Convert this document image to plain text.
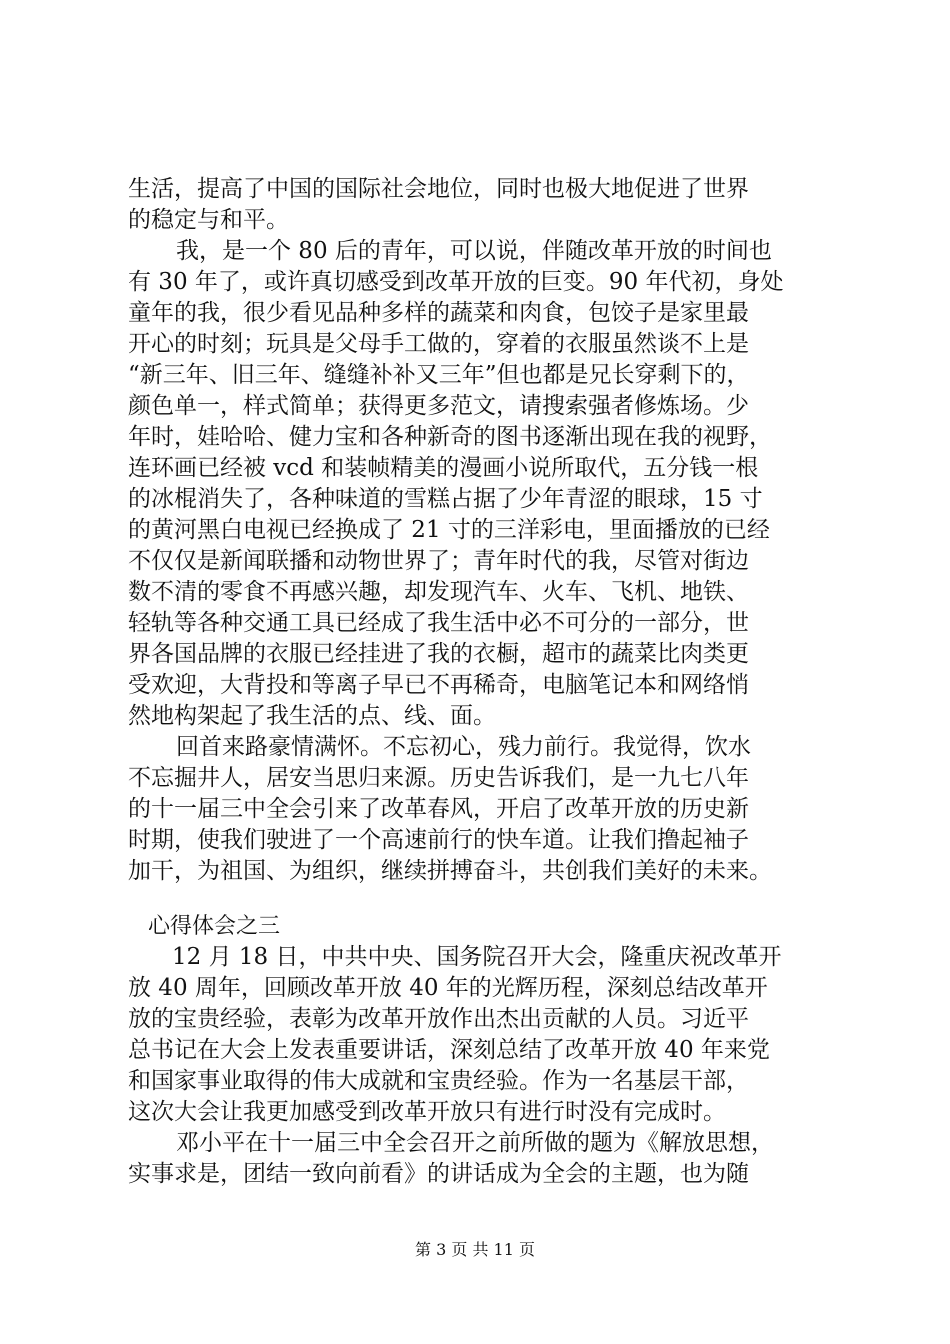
生活，提高了中国的国际社会地位，同时也极大地促进了世界
的稳定与和平。
我，是一个 80 后的青年，可以说，伴随改革开放的时间也
有 30 年了，或许真切感受到改革开放的巨变。90 年代初，身处
童年的我，很少看见品种多样的蔬菜和肉食，包饺子是家里最
开心的时刻；玩具是父母手工做的，穿着的衣服虽然谈不上是
“新三年、旧三年、缝缝补补又三年”但也都是兄长穿剩下的，
颜色单一，样式简单；获得更多范文，请搜索强者修炼场。少
年时，娃哈哈、健力宝和各种新奇的图书逐渐出现在我的视野，
连环画已经被 vcd 和装帧精美的漫画小说所取代，五分钱一根
的冰棍消失了，各种味道的雪糕占据了少年青涩的眼球，15 寸
的黄河黑白电视已经换成了 21 寸的三洋彩电，里面播放的已经
不仅仅是新闻联播和动物世界了；青年时代的我，尽管对街边
数不清的零食不再感兴趣，却发现汽车、火车、飞机、地铁、
轻轨等各种交通工具已经成了我生活中必不可分的一部分，世
界各国品牌的衣服已经挂进了我的衣橱，超市的蔬菜比肉类更
受欢迎，大背投和等离子早已不再稀奇，电脑笔记本和网络悄
然地构架起了我生活的点、线、面。
回首来路豪情满怀。不忘初心，残力前行。我觉得，饮水
不忘掘井人，居安当思归来源。历史告诉我们，是一九七八年
的十一届三中全会引来了改革春风，开启了改革开放的历史新
时期，使我们驶进了一个高速前行的快车道。让我们撸起袖子
加干，为祖国、为组织，继续拼搏奋斗，共创我们美好的未来。
心得体会之三
12 月 18 日，中共中央、国务院召开大会，隆重庆祝改革开
放 40 周年，回顾改革开放 40 年的光辉历程，深刻总结改革开
放的宝贵经验，表彰为改革开放作出杰出贡献的人员。习近平
总书记在大会上发表重要讲话，深刻总结了改革开放 40 年来党
和国家事业取得的伟大成就和宝贵经验。作为一名基层干部，
这次大会让我更加感受到改革开放只有进行时没有完成时。
邓小平在十一届三中全会召开之前所做的题为《解放思想，
实事求是，团结一致向前看》的讲话成为全会的主题，也为随
第 3 页 共 11 页
